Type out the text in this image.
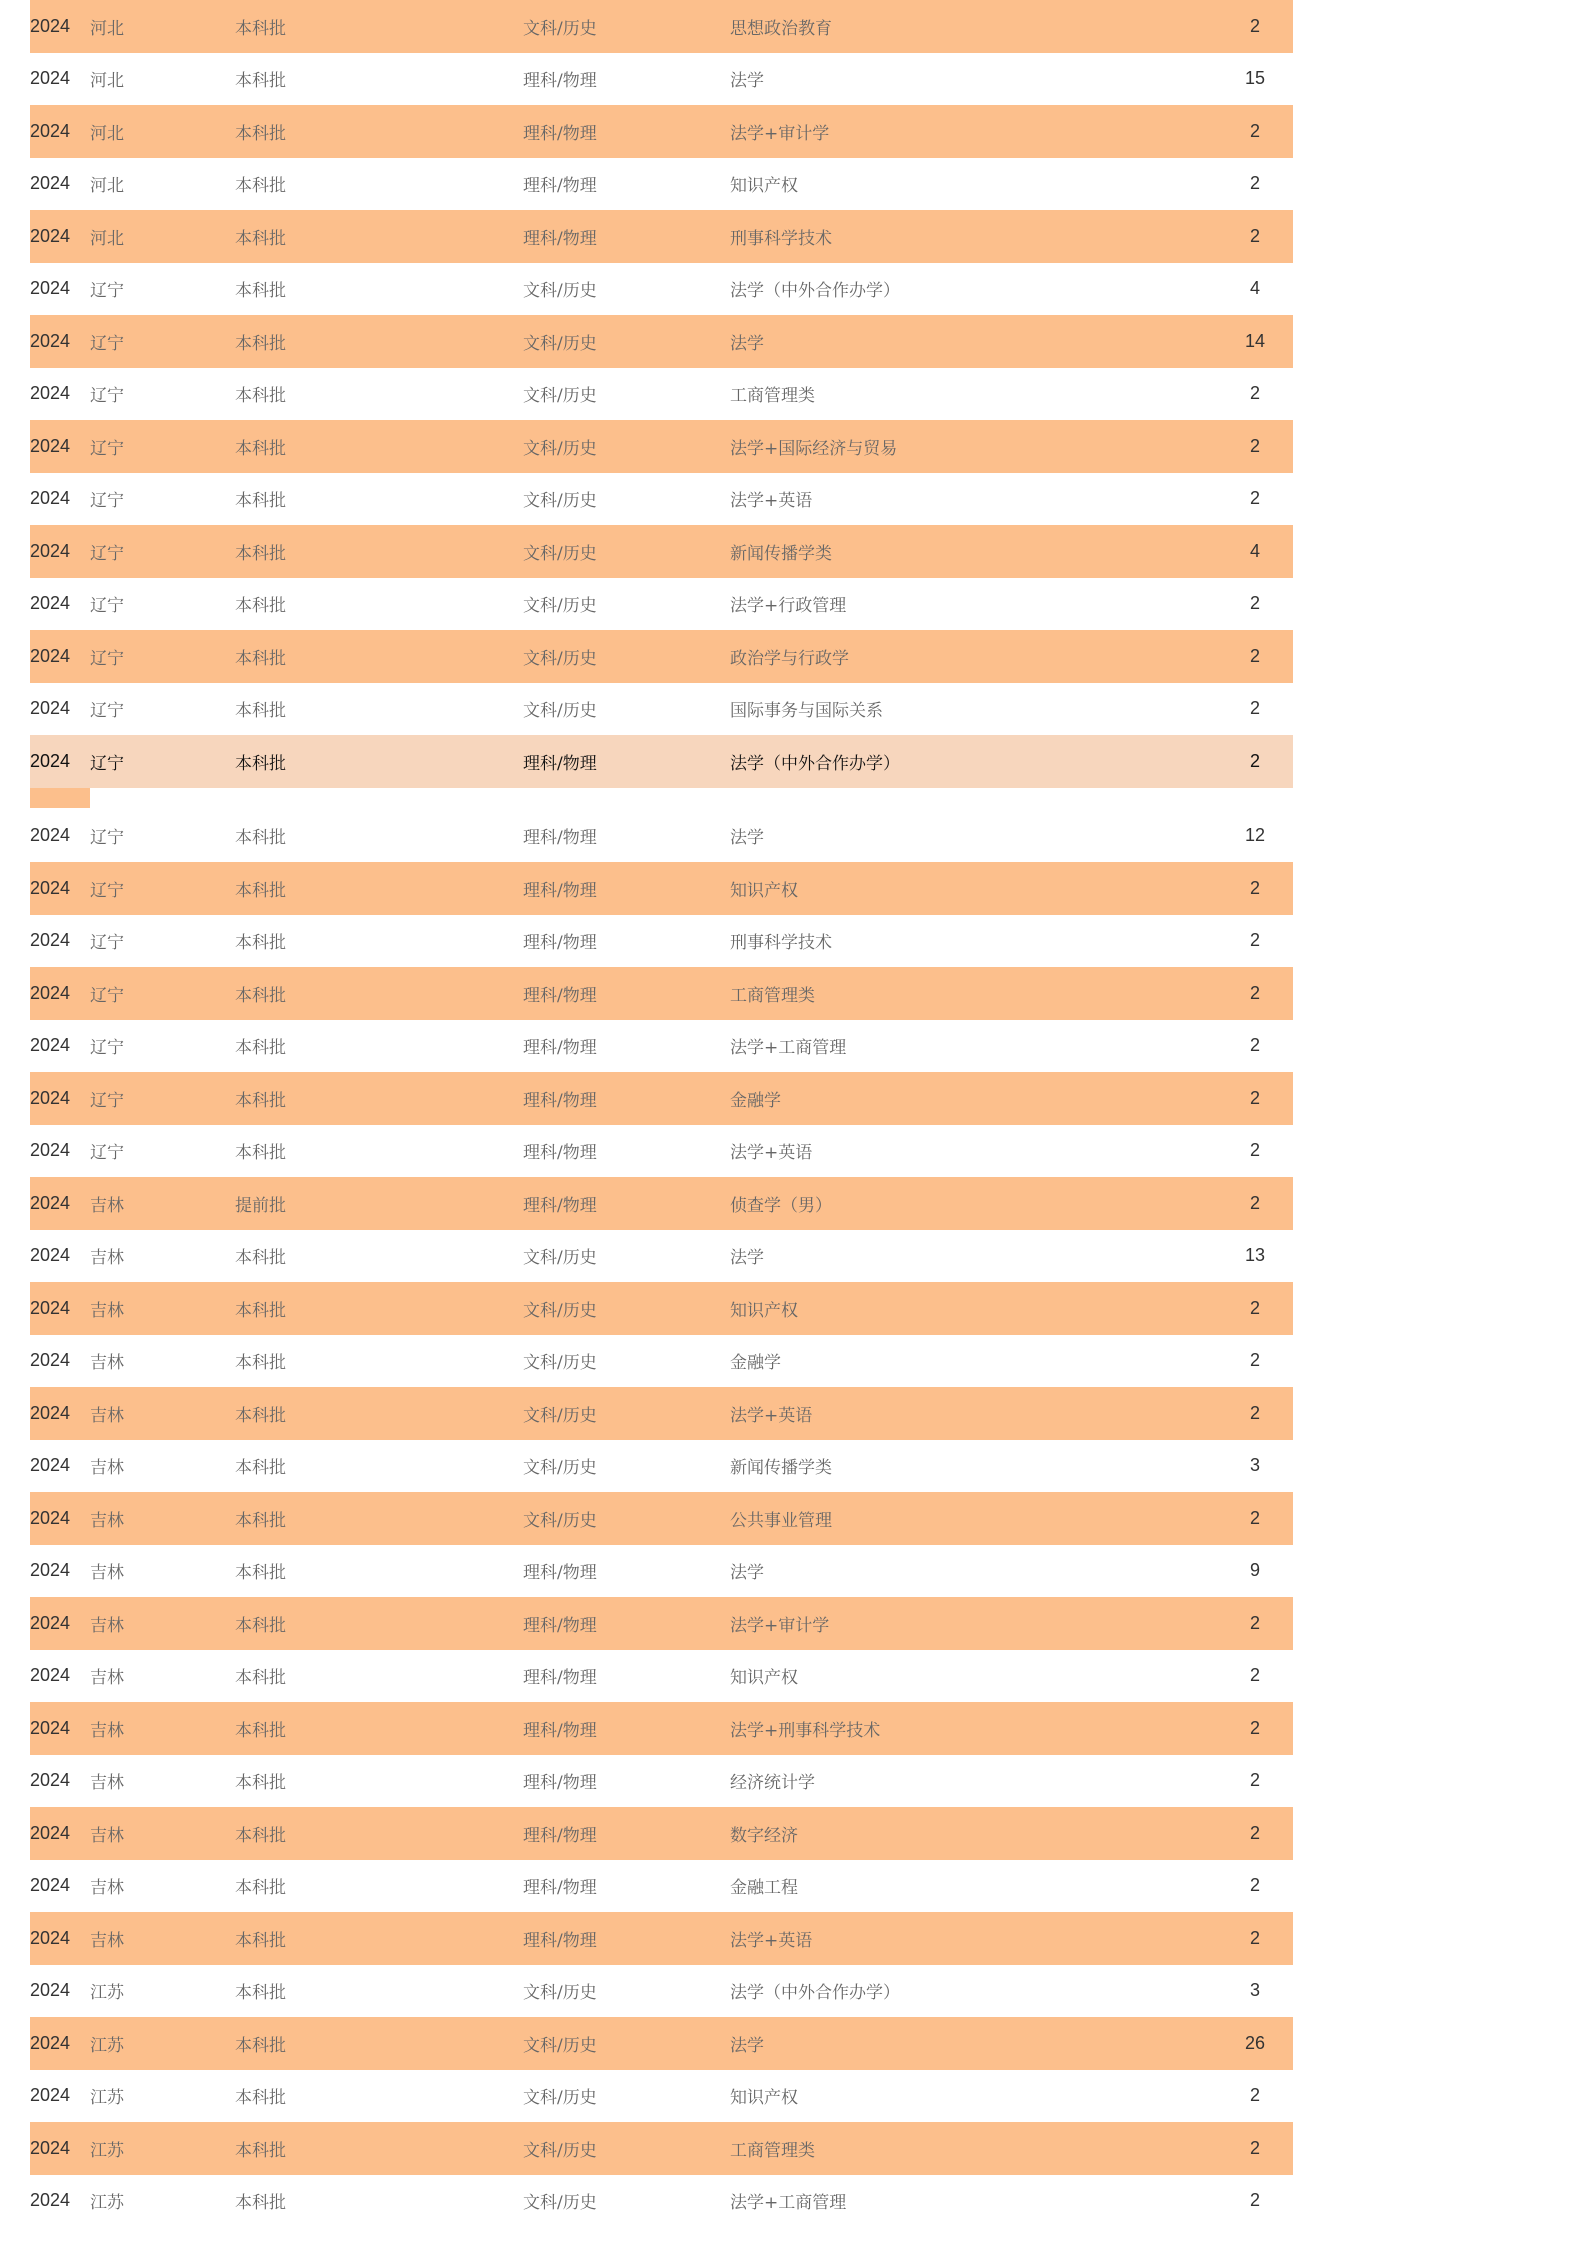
2024 河北	本科批	文科/历史	思想政治教育	2
2024 河北	本科批	理科/物理	法学	15
2024 河北	本科批	理科/物理	法学+审计学	2
2024 河北	本科批	理科/物理	知识产权	2
2024 河北	本科批	理科/物理	刑事科学技术	2
2024 辽宁	本科批	文科/历史	法学（中外合作办学）	4
2024 辽宁	本科批	文科/历史	法学	14
2024 辽宁	本科批	文科/历史	工商管理类	2
2024 辽宁	本科批	文科/历史	法学+国际经济与贸易	2
2024 辽宁	本科批	文科/历史	法学+英语	2
2024 辽宁	本科批	文科/历史	新闻传播学类	4
2024 辽宁	本科批	文科/历史	法学+行政管理	2
2024 辽宁	本科批	文科/历史	政治学与行政学	2
2024 辽宁	本科批	文科/历史	国际事务与国际关系	2
2024 辽宁	本科批	理科/物理	法学（中外合作办学）	2
2024 辽宁	本科批	理科/物理	法学	12
2024 辽宁	本科批	理科/物理	知识产权	2
2024 辽宁	本科批	理科/物理	刑事科学技术	2
2024 辽宁	本科批	理科/物理	工商管理类	2
2024 辽宁	本科批	理科/物理	法学+工商管理	2
2024 辽宁	本科批	理科/物理	金融学	2
2024 辽宁	本科批	理科/物理	法学+英语	2
2024 吉林	提前批	理科/物理	侦查学（男）	2
2024 吉林	本科批	文科/历史	法学	13
2024 吉林	本科批	文科/历史	知识产权	2
2024 吉林	本科批	文科/历史	金融学	2
2024 吉林	本科批	文科/历史	法学+英语	2
2024 吉林	本科批	文科/历史	新闻传播学类	3
2024 吉林	本科批	文科/历史	公共事业管理	2
2024 吉林	本科批	理科/物理	法学	9
2024 吉林	本科批	理科/物理	法学+审计学	2
2024 吉林	本科批	理科/物理	知识产权	2
2024 吉林	本科批	理科/物理	法学+刑事科学技术	2
2024 吉林	本科批	理科/物理	经济统计学	2
2024 吉林	本科批	理科/物理	数字经济	2
2024 吉林	本科批	理科/物理	金融工程	2
2024 吉林	本科批	理科/物理	法学+英语	2
2024 江苏	本科批	文科/历史	法学（中外合作办学）	3
2024 江苏	本科批	文科/历史	法学	26
2024 江苏	本科批	文科/历史	知识产权	2
2024 江苏	本科批	文科/历史	工商管理类	2
2024 江苏	本科批	文科/历史	法学+工商管理	2
